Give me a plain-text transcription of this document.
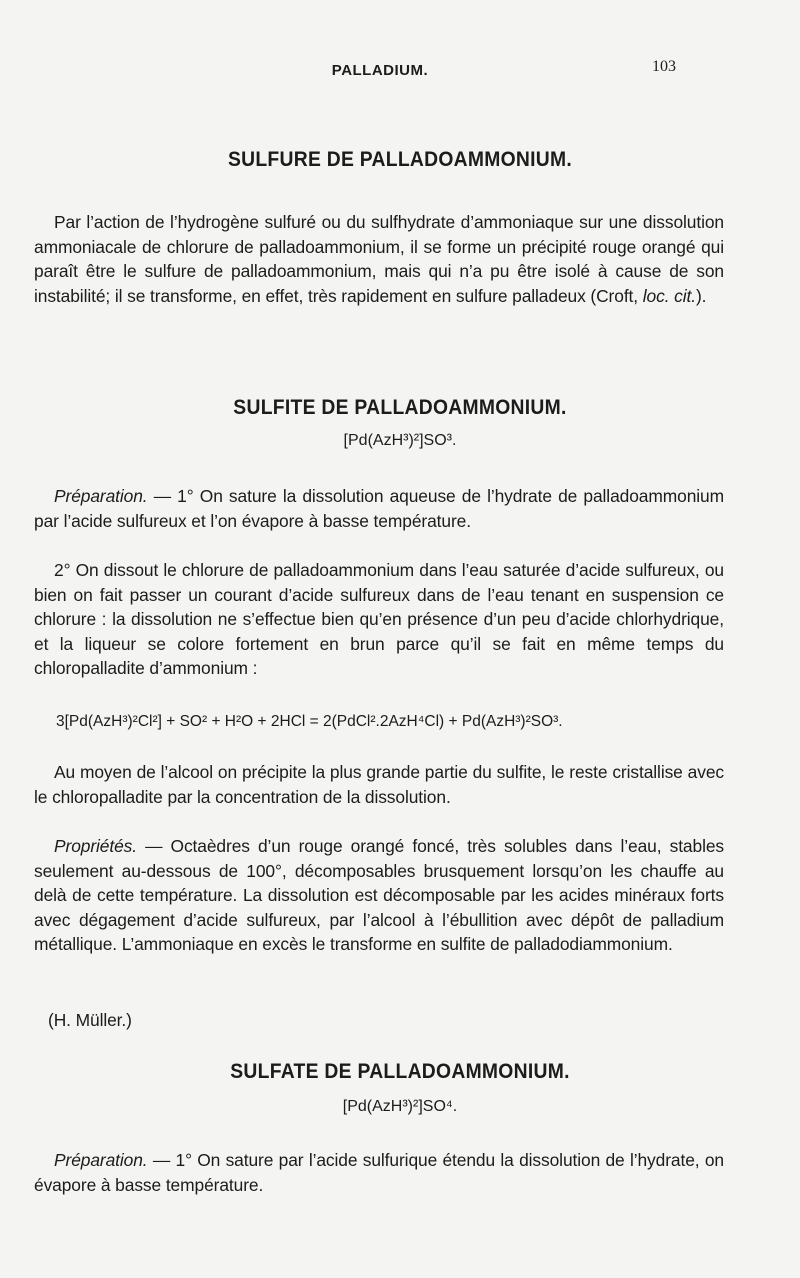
PALLADIUM.	103
SULFURE DE PALLADOAMMONIUM.
Par l’action de l’hydrogène sulfuré ou du sulfhydrate d’ammoniaque sur une dissolution ammoniacale de chlorure de palladoammonium, il se forme un précipité rouge orangé qui paraît être le sulfure de palladoammonium, mais qui n’a pu être isolé à cause de son instabilité; il se transforme, en effet, très rapidement en sulfure palladeux (Croft, loc. cit.).
SULFITE DE PALLADOAMMONIUM.
[Pd(AzH³)²]SO³.
Préparation. — 1° On sature la dissolution aqueuse de l’hydrate de palladoammonium par l’acide sulfureux et l’on évapore à basse température.
2° On dissout le chlorure de palladoammonium dans l’eau saturée d’acide sulfureux, ou bien on fait passer un courant d’acide sulfureux dans de l’eau tenant en suspension ce chlorure : la dissolution ne s’effectue bien qu’en présence d’un peu d’acide chlorhydrique, et la liqueur se colore fortement en brun parce qu’il se fait en même temps du chloropalladite d’ammonium :
3[Pd(AzH³)²Cl²] + SO² + H²O + 2HCl = 2(PdCl².2AzH⁴Cl) + Pd(AzH³)²SO³.
Au moyen de l’alcool on précipite la plus grande partie du sulfite, le reste cristallise avec le chloropalladite par la concentration de la dissolution.
Propriétés. — Octaèdres d’un rouge orangé foncé, très solubles dans l’eau, stables seulement au-dessous de 100°, décomposables brusquement lorsqu’on les chauffe au delà de cette température. La dissolution est décomposable par les acides minéraux forts avec dégagement d’acide sulfureux, par l’alcool à l’ébullition avec dépôt de palladium métallique. L’ammoniaque en excès le transforme en sulfite de palladodiammonium.
(H. Müller.)
SULFATE DE PALLADOAMMONIUM.
[Pd(AzH³)²]SO⁴.
Préparation. — 1° On sature par l’acide sulfurique étendu la dissolution de l’hydrate, on évapore à basse température.
